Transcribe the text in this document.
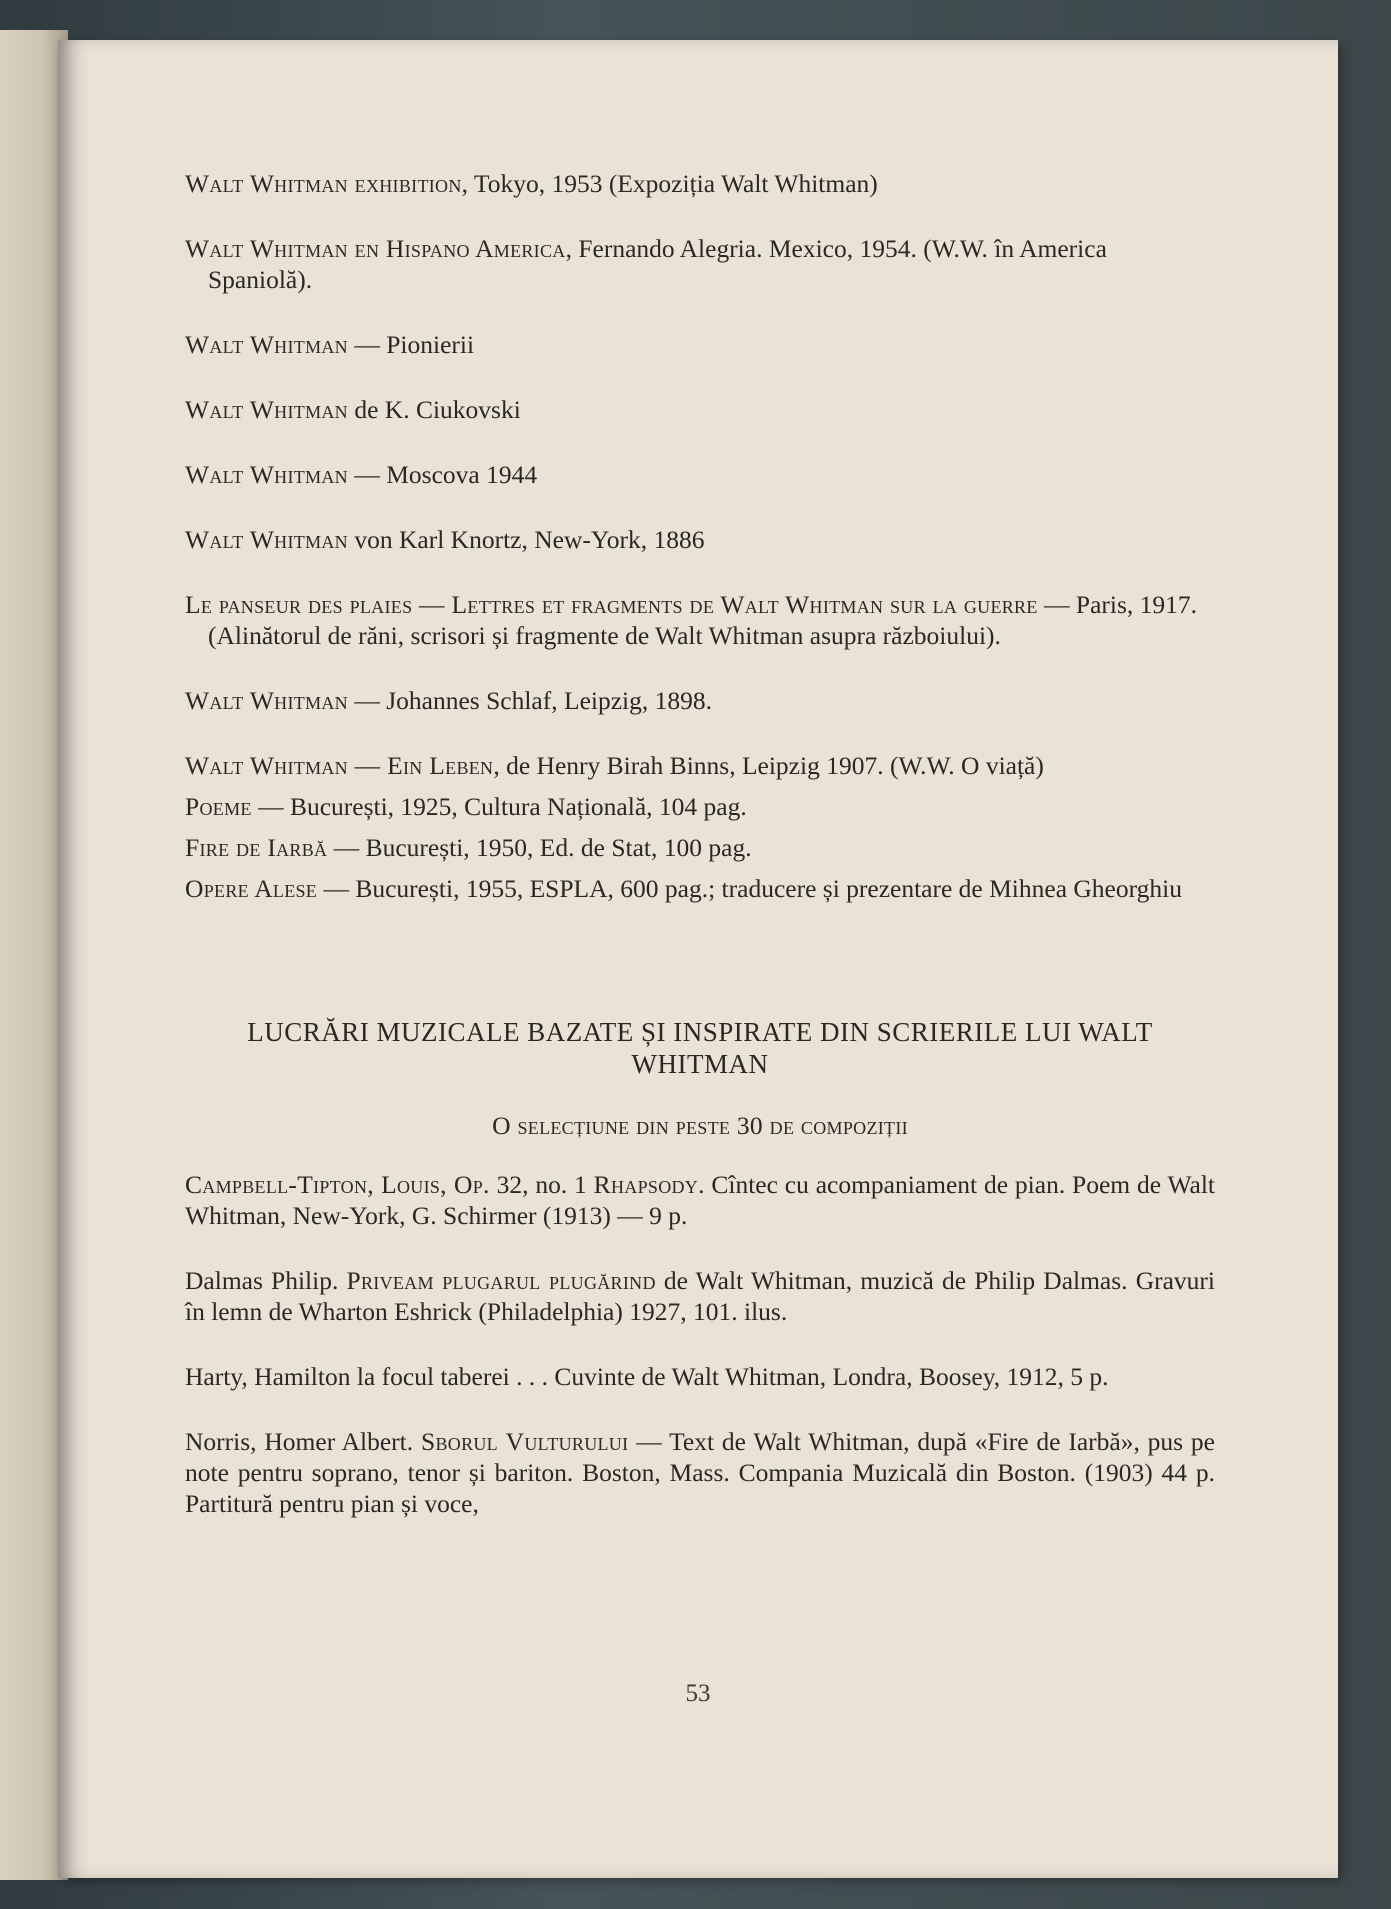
Walt Whitman exhibition, Tokyo, 1953 (Expoziția Walt Whitman)

Walt Whitman en Hispano America, Fernando Alegria. Mexico, 1954. (W.W. în America Spaniolă).

Walt Whitman — Pionierii

Walt Whitman de K. Ciukovski

Walt Whitman — Moscova 1944

Walt Whitman von Karl Knortz, New-York, 1886

Le panseur des plaies — Lettres et fragments de Walt Whitman sur la guerre — Paris, 1917. (Alinătorul de răni, scrisori și fragmente de Walt Whitman asupra războiului).

Walt Whitman — Johannes Schlaf, Leipzig, 1898.

Walt Whitman — Ein Leben, de Henry Birah Binns, Leipzig 1907. (W.W. O viață)

Poeme — București, 1925, Cultura Națională, 104 pag.

Fire de Iarbă — București, 1950, Ed. de Stat, 100 pag.

Opere Alese — București, 1955, ESPLA, 600 pag.; traducere și prezentare de Mihnea Gheorghiu

LUCRĂRI MUZICALE BAZATE ȘI INSPIRATE DIN SCRIERILE LUI WALT WHITMAN

O selecțiune din peste 30 de compoziții

Campbell-Tipton, Louis, Op. 32, no. 1 Rhapsody. Cîntec cu acompaniament de pian. Poem de Walt Whitman, New-York, G. Schirmer (1913) — 9 p.

Dalmas Philip. Priveam plugarul plugărind de Walt Whitman, muzică de Philip Dalmas. Gravuri în lemn de Wharton Eshrick (Philadelphia) 1927, 101. ilus.

Harty, Hamilton la focul taberei . . . Cuvinte de Walt Whitman, Londra, Boosey, 1912, 5 p.

Norris, Homer Albert. Sborul Vulturului — Text de Walt Whitman, după «Fire de Iarbă», pus pe note pentru soprano, tenor și bariton. Boston, Mass. Compania Muzicală din Boston. (1903) 44 p. Partitură pentru pian și voce,

53
